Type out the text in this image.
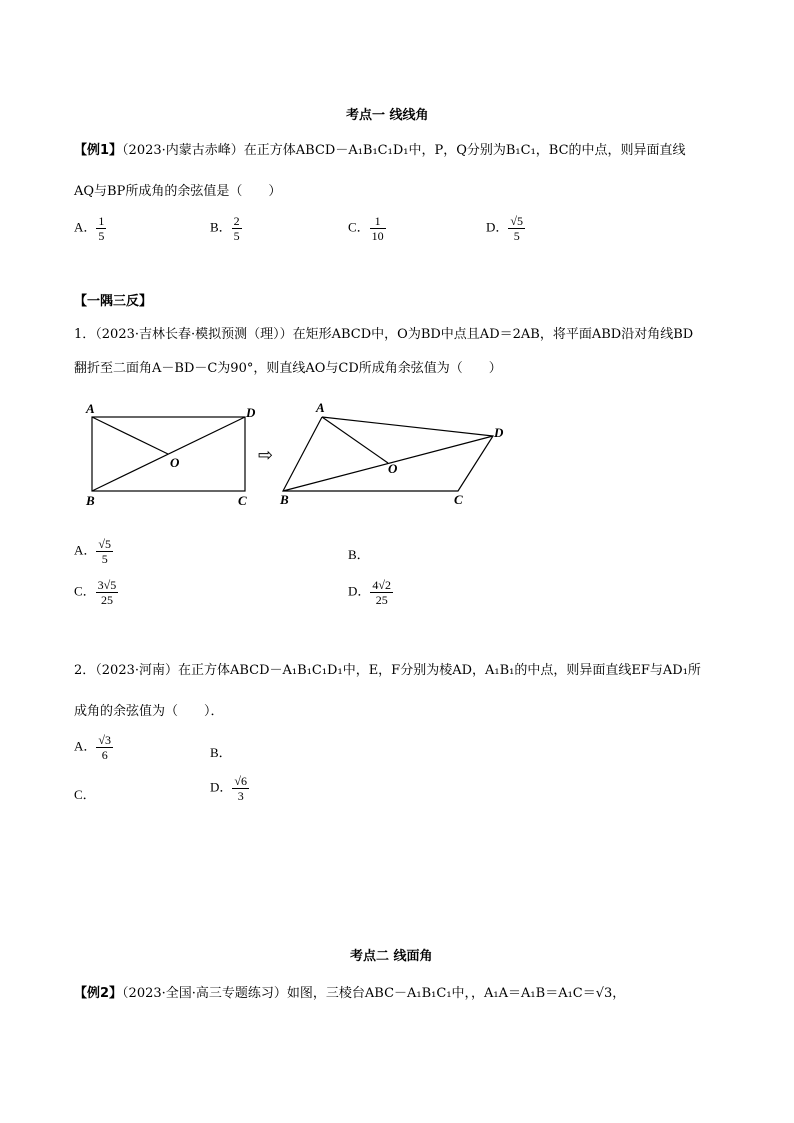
考点一 线线角
【例1】（2023·内蒙古赤峰）在正方体ABCD－A₁B₁C₁D₁中，P，Q分别为B₁C₁，BC的中点，则异面直线
AQ与BP所成角的余弦值是（　　）
A． $\frac{1}{5}$	B． $\frac{2}{5}$	C． $\frac{1}{10}$	D． $\frac{√5}{5}$
【一隅三反】
1．（2023·吉林长春·模拟预测（理））在矩形ABCD中，O为BD中点且AD＝2AB，将平面ABD沿对角线BD
翻折至二面角A－BD－C为90°，则直线AO与CD所成角余弦值为（　　）
A	D
O
B	C
⇨
A
D
O
B	C
A． $\frac{√5}{5}$	B．
C． $\frac{3√5}{25}$	D． $\frac{4√2}{25}$
2．（2023·河南）在正方体ABCD－A₁B₁C₁D₁中，E，F分别为棱AD，A₁B₁的中点，则异面直线EF与AD₁所
成角的余弦值为（　　）．
A． $\frac{√3}{6}$	B．
C．
D． $\frac{√6}{3}$
考点二 线面角
【例2】（2023·全国·高三专题练习）如图，三棱台ABC－A₁B₁C₁中，，A₁A＝A₁B＝A₁C＝√3，
